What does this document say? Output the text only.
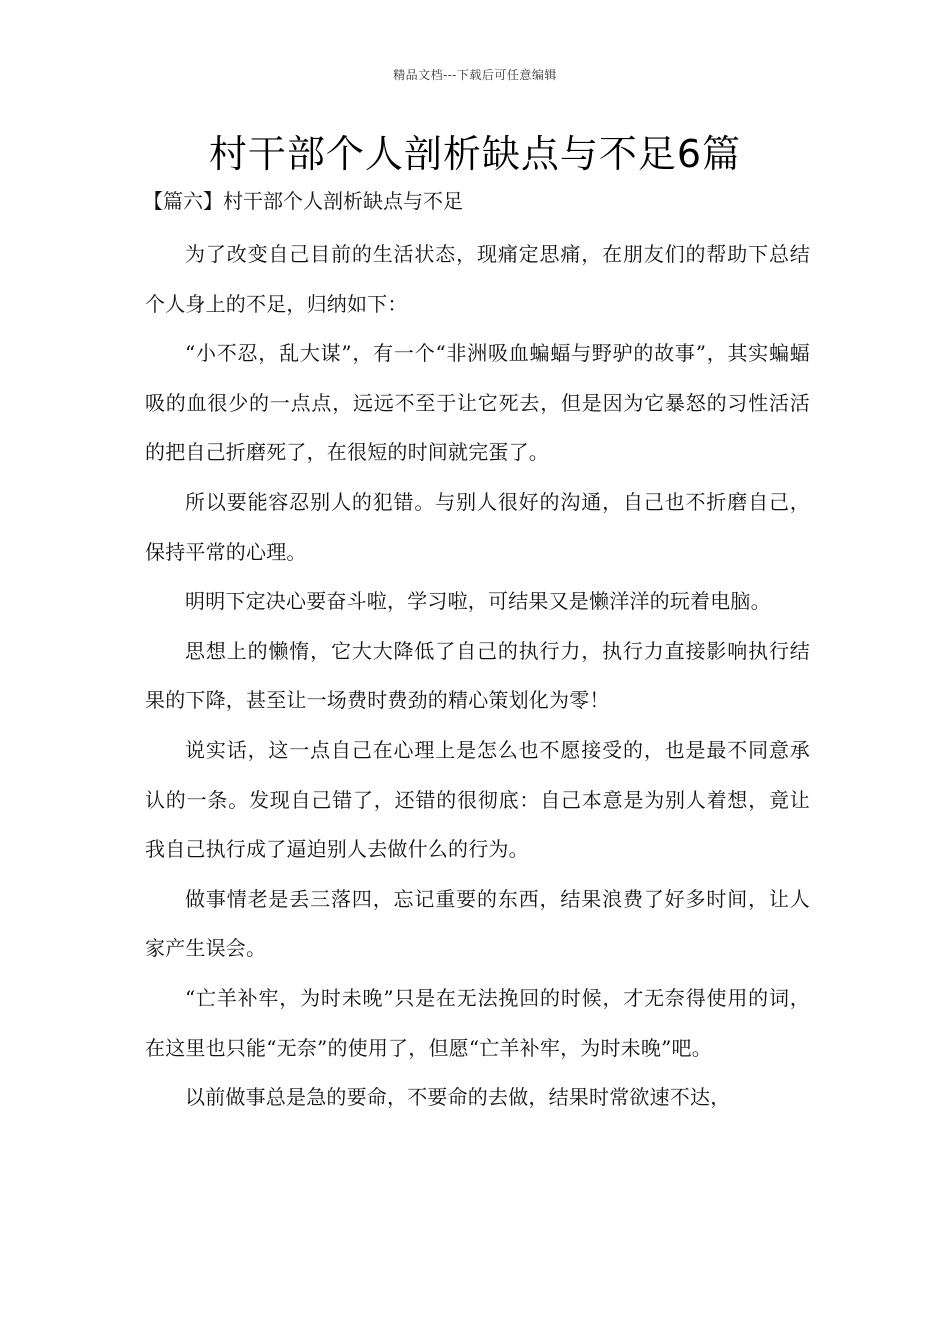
精品文档---下载后可任意编辑
村干部个人剖析缺点与不足6篇
【篇六】村干部个人剖析缺点与不足

为了改变自己目前的生活状态，现痛定思痛，在朋友们的帮助下总结个人身上的不足，归纳如下：

“小不忍，乱大谋”，有一个“非洲吸血蝙蝠与野驴的故事”，其实蝙蝠吸的血很少的一点点，远远不至于让它死去，但是因为它暴怒的习性活活的把自己折磨死了，在很短的时间就完蛋了。

所以要能容忍别人的犯错。与别人很好的沟通，自己也不折磨自己，保持平常的心理。

明明下定决心要奋斗啦，学习啦，可结果又是懒洋洋的玩着电脑。

思想上的懒惰，它大大降低了自己的执行力，执行力直接影响执行结果的下降，甚至让一场费时费劲的精心策划化为零！

说实话，这一点自己在心理上是怎么也不愿接受的，也是最不同意承认的一条。发现自己错了，还错的很彻底：自己本意是为别人着想，竟让我自己执行成了逼迫别人去做什么的行为。

做事情老是丢三落四，忘记重要的东西，结果浪费了好多时间，让人家产生误会。

“亡羊补牢，为时未晚”只是在无法挽回的时候，才无奈得使用的词，在这里也只能“无奈”的使用了，但愿“亡羊补牢，为时未晚”吧。

以前做事总是急的要命，不要命的去做，结果时常欲速不达，
